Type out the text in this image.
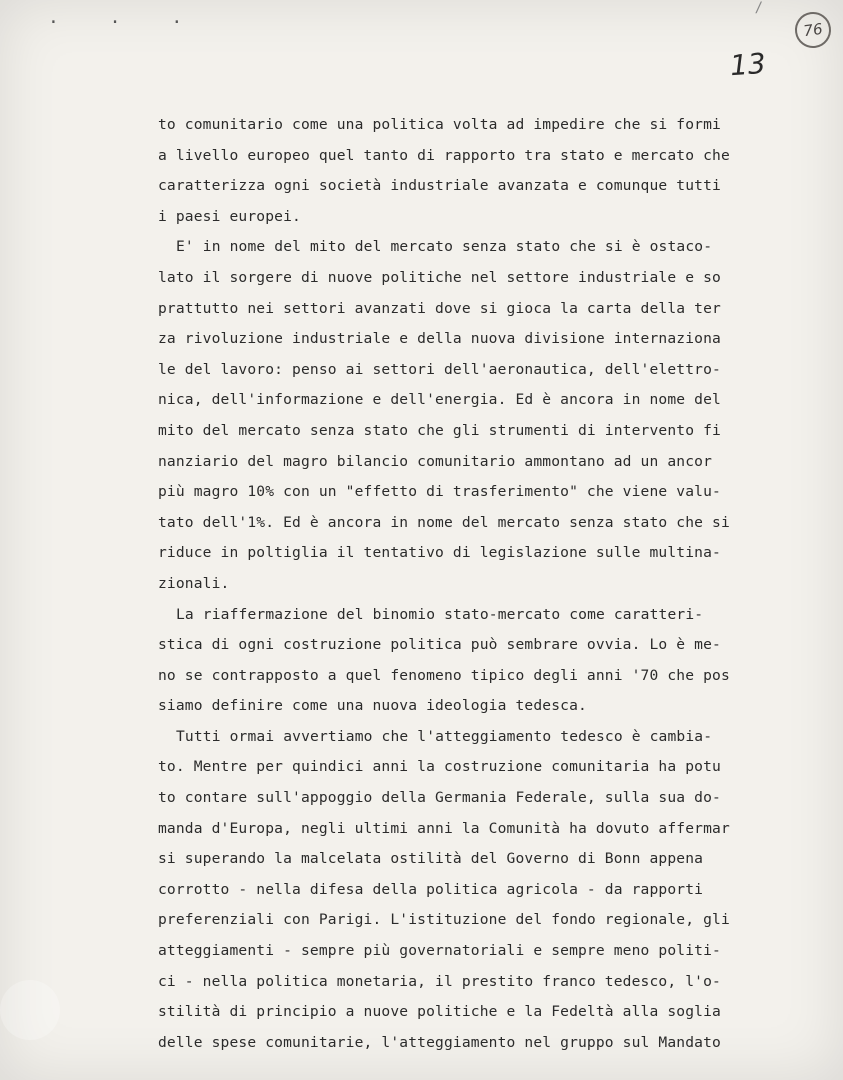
· · ·
/
76
13
to comunitario come una politica volta ad impedire che si formi
a livello europeo quel tanto di rapporto tra stato e mercato che
caratterizza ogni società industriale avanzata e comunque tutti
i paesi europei.
E' in nome del mito del mercato senza stato che si è ostaco-
lato il sorgere di nuove politiche nel settore industriale e so
prattutto nei settori avanzati dove si gioca la carta della ter
za rivoluzione industriale e della nuova divisione internaziona
le del lavoro: penso ai settori dell'aeronautica, dell'elettro-
nica, dell'informazione e dell'energia. Ed è ancora in nome del
mito del mercato senza stato che gli strumenti di intervento fi
nanziario del magro bilancio comunitario ammontano ad un ancor
più magro 10% con un "effetto di trasferimento" che viene valu-
tato dell'1%. Ed è ancora in nome del mercato senza stato che si
riduce in poltiglia il tentativo di legislazione sulle multina-
zionali.
La riaffermazione del binomio stato-mercato come caratteri-
stica di ogni costruzione politica può sembrare ovvia. Lo è me-
no se contrapposto a quel fenomeno tipico degli anni '70 che pos
siamo definire come una nuova ideologia tedesca.
Tutti ormai avvertiamo che l'atteggiamento tedesco è cambia-
to. Mentre per quindici anni la costruzione comunitaria ha potu
to contare sull'appoggio della Germania Federale, sulla sua do-
manda d'Europa, negli ultimi anni la Comunità ha dovuto affermar
si superando la malcelata ostilità del Governo di Bonn appena
corrotto - nella difesa della politica agricola - da rapporti
preferenziali con Parigi. L'istituzione del fondo regionale, gli
atteggiamenti - sempre più governatoriali e sempre meno politi-
ci - nella politica monetaria, il prestito franco tedesco, l'o-
stilità di principio a nuove politiche e la Fedeltà alla soglia
delle spese comunitarie, l'atteggiamento nel gruppo sul Mandato
